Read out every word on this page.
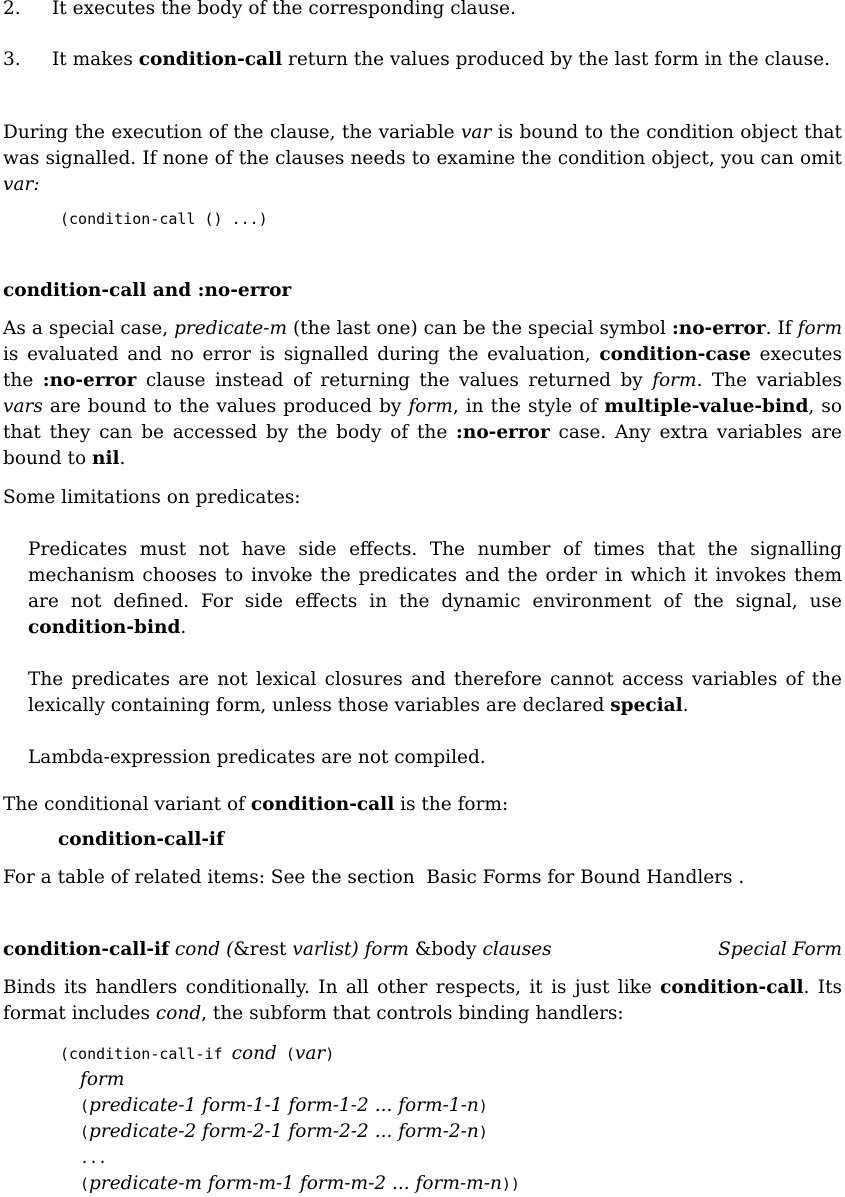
2. It executes the body of the corresponding clause.
3. It makes condition-call return the values produced by the last form in the clause.
During the execution of the clause, the variable var is bound to the condition object that was signalled. If none of the clauses needs to examine the condition object, you can omit var:
(condition-call () ...)
condition-call and :no-error
As a special case, predicate-m (the last one) can be the special symbol :no-error. If form is evaluated and no error is signalled during the evaluation, condition-case executes the :no-error clause instead of returning the values returned by form. The variables vars are bound to the values produced by form, in the style of multiple-value-bind, so that they can be accessed by the body of the :no-error case. Any extra variables are bound to nil.
Some limitations on predicates:
Predicates must not have side effects. The number of times that the signalling mechanism chooses to invoke the predicates and the order in which it invokes them are not defined. For side effects in the dynamic environment of the signal, use condition-bind.
The predicates are not lexical closures and therefore cannot access variables of the lexically containing form, unless those variables are declared special.
Lambda-expression predicates are not compiled.
The conditional variant of condition-call is the form:
condition-call-if
For a table of related items: See the section  Basic Forms for Bound Handlers .
condition-call-if cond (&rest varlist) form &body clauses	Special Form
Binds its handlers conditionally. In all other respects, it is just like condition-call. Its format includes cond, the subform that controls binding handlers:
(condition-call-if cond (var)
form
(predicate-1 form-1-1 form-1-2 ... form-1-n)
(predicate-2 form-2-1 form-2-2 ... form-2-n)
...
(predicate-m form-m-1 form-m-2 ... form-m-n))
